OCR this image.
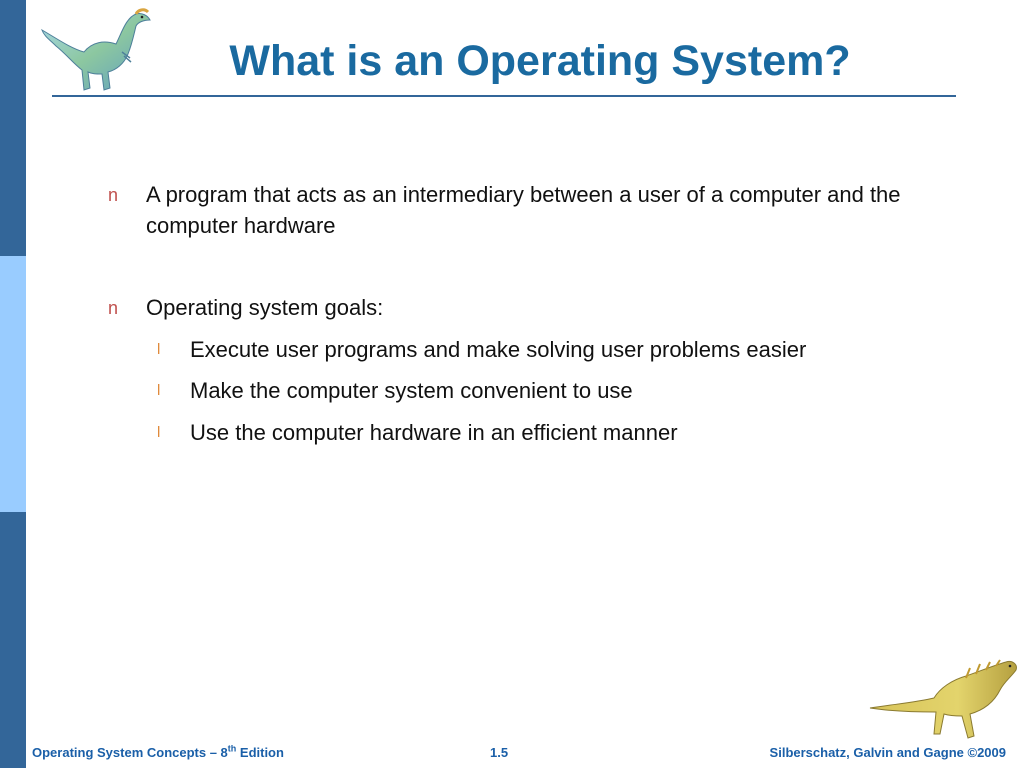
What is an Operating System?
n A program that acts as an intermediary between a user of a computer and the computer hardware
n Operating system goals:
l Execute user programs and make solving user problems easier
l Make the computer system convenient to use
l Use the computer hardware in an efficient manner
Operating System Concepts – 8th Edition	1.5	Silberschatz, Galvin and Gagne ©2009
